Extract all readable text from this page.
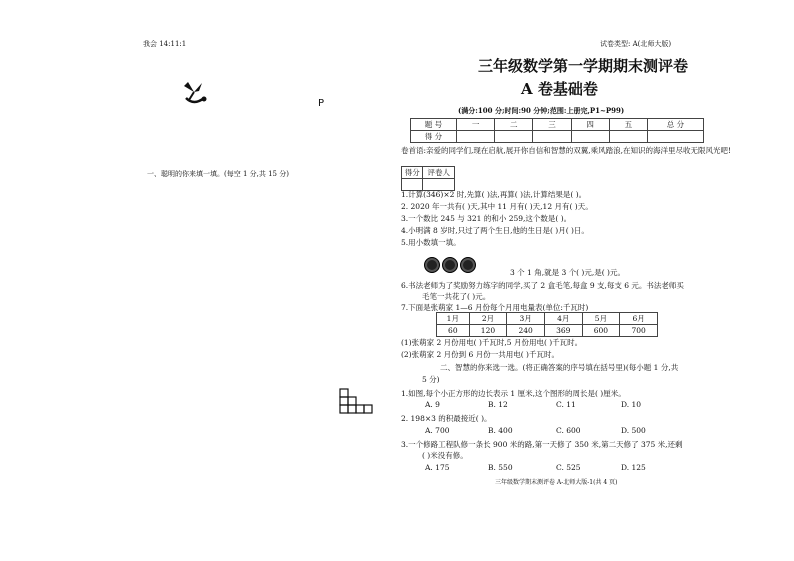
我会 14:11:1
P
一、聪明的你来填一填。(每空 1 分,共 15 分)
试卷类型: A(北师大版)
三年级数学第一学期期末测评卷
A 卷基础卷
(满分:100 分;时间:90 分钟;范围:上册完,P1~P99)
题 号	一	二	三	四	五	总 分
得 分						
卷首语:亲爱的同学们,现在启航,展开你自信和智慧的双翼,乘风踏浪,在知识的海洋里尽收无限风光吧!
得分	评卷人

1.计算(346)×2 时,先算( )法,再算( )法,计算结果是( )。
2. 2020 年一共有( )天,其中 11 月有( )天,12 月有( )天。
3.一个数比 245 与 321 的和小 259,这个数是( )。
4.小明满 8 岁时,只过了两个生日,他的生日是( )月( )日。
5.用小数填一填。
3 个 1 角,就是 3 个( )元,是( )元。
6.书法老师为了奖励努力练字的同学,买了 2 盒毛笔,每盒 9 支,每支 6 元。书法老师买
毛笔一共花了( )元。
7.下面是张萌家 1—6 月份每个月用电量表(单位:千瓦时)
1月	2月	3月	4月	5月	6月
60	120	240	369	600	700
(1)张萌家 2 月份用电( )千瓦时,5 月份用电( )千瓦时。
(2)张萌家 2 月份到 6 月份一共用电( )千瓦时。
二、智慧的你来选一选。(将正确答案的序号填在括号里)(每小题 1 分,共
5 分)
1.如图,每个小正方形的边长表示 1 厘米,这个图形的周长是( )厘米。
A. 9	B. 12	C. 11	D. 10
2. 198×3 的积最接近( )。
A. 700	B. 400	C. 600	D. 500
3.一个修路工程队修一条长 900 米的路,第一天修了 350 米,第二天修了 375 米,还剩
( )米没有修。
A. 175	B. 550	C. 525	D. 125
三年级数学期末测评卷 A-北师大版-1(共 4 页)
